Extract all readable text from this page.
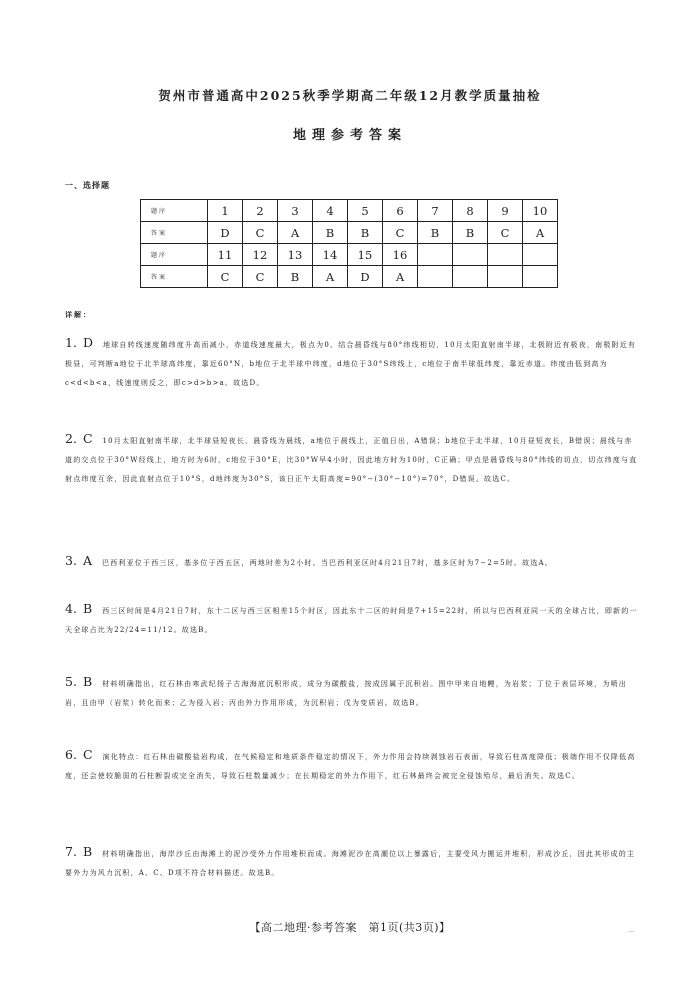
贺州市普通高中2025秋季学期高二年级12月教学质量抽检
地理参考答案
一、选择题
题序	1	2	3	4	5	6	7	8	9	10
答案	D	C	A	B	B	C	B	B	C	A
题序	11	12	13	14	15	16				
答案	C	C	B	A	D	A				
详解：
1. D 地球自转线速度随纬度升高而减小，赤道线速度最大，极点为0。结合晨昏线与80°纬线相切，10月太阳直射南半球，北极附近有极夜，南极附近有极昼，可判断a地位于北半球高纬度，靠近60°N，b地位于北半球中纬度，d地位于30°S纬线上，c地位于南半球低纬度，靠近赤道。纬度由低到高为c<d<b<a，线速度则反之，即c>d>b>a。故选D。
2. C 10月太阳直射南半球，北半球昼短夜长，晨昏线为晨线，a地位于晨线上，正值日出，A错误；b地位于北半球，10月昼短夜长，B错误；晨线与赤道的交点位于30°W经线上，地方时为6时，c地位于30°E，比30°W早4小时，因此地方时为10时，C正确；甲点是晨昏线与80°纬线的切点，切点纬度与直射点纬度互余，因此直射点位于10°S，d地纬度为30°S，该日正午太阳高度=90°−(30°−10°)=70°，D错误。故选C。
3. A 巴西利亚位于西三区，基多位于西五区，两地时差为2小时。当巴西利亚区时4月21日7时，基多区时为7−2=5时。故选A。
4. B 西三区时间是4月21日7时，东十二区与西三区相差15个时区，因此东十二区的时间是7+15=22时，所以与巴西利亚同一天的全球占比，即新的一天全球占比为22/24=11/12。故选B。
5. B 材料明确指出，红石林由寒武纪扬子古海海底沉积形成，成分为碳酸盐，按成因属于沉积岩。图中甲来自地幔，为岩浆；丁位于表层环境，为喷出岩，且由甲（岩浆）转化而来；乙为侵入岩；丙由外力作用形成，为沉积岩；戊为变质岩。故选B。
6. C 演化特点：红石林由碳酸盐岩构成，在气候稳定和地质条件稳定的情况下，外力作用会持续剥蚀岩石表面，导致石柱高度降低；极端作用不仅降低高度，还会使较脆弱的石柱断裂或完全消失，导致石柱数量减少；在长期稳定的外力作用下，红石林最终会被完全侵蚀殆尽，最后消失。故选C。
7. B 材料明确指出，海岸沙丘由海滩上的泥沙受外力作用堆积而成。海滩泥沙在高潮位以上暴露后，主要受风力搬运并堆积，形成沙丘，因此其形成的主要外力为风力沉积，A、C、D项不符合材料描述。故选B。
【高二地理·参考答案　第1页(共3页)】	—
